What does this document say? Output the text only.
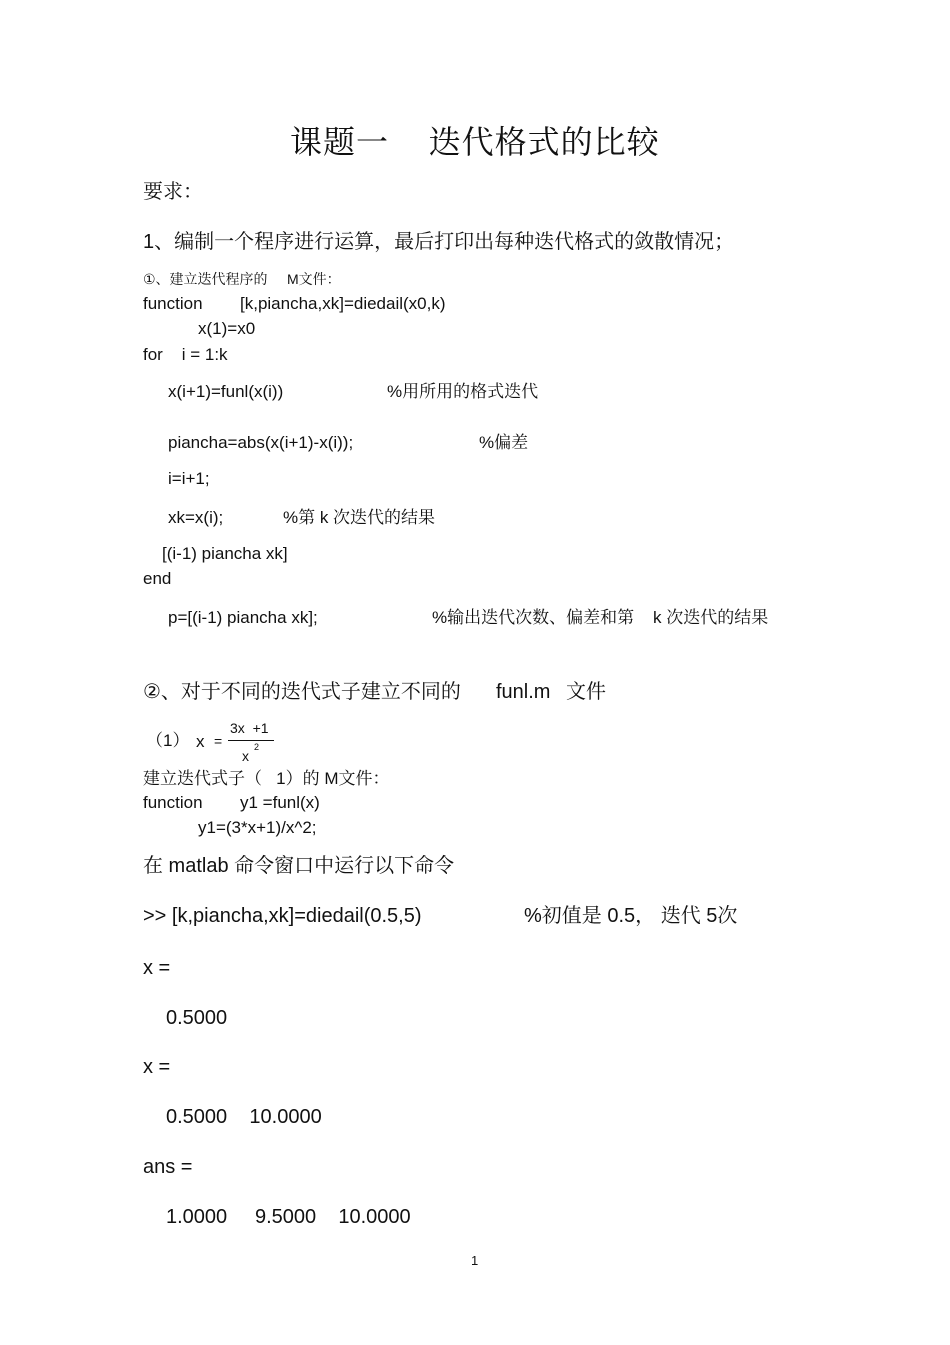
课题一    迭代格式的比较
要求：
1、编制一个程序进行运算，最后打印出每种迭代格式的敛散情况；
①、建立迭代程序的     M文件：
function [k,piancha,xk]=diedail(x0,k)
x(1)=x0
for    i = 1:k
x(i+1)=funl(x(i))	%用所用的格式迭代
piancha=abs(x(i+1)-x(i));	%偏差
i=i+1;
xk=x(i);	%第 k 次迭代的结果
[(i-1) piancha xk]
end
p=[(i-1) piancha xk];	%输出迭代次数、偏差和第    k 次迭代的结果
②、对于不同的迭代式子建立不同的 funl.m 文件
（1） x =
3x  +1
x
2
建立迭代式子（   1）的 M文件：
function y1 =funl(x)
y1=(3*x+1)/x^2;
在 matlab 命令窗口中运行以下命令
>> [k,piancha,xk]=diedail(0.5,5)	%初值是 0.5， 迭代 5次
x =
0.5000
x =
0.5000    10.0000
ans =
1.0000     9.5000    10.0000
1
